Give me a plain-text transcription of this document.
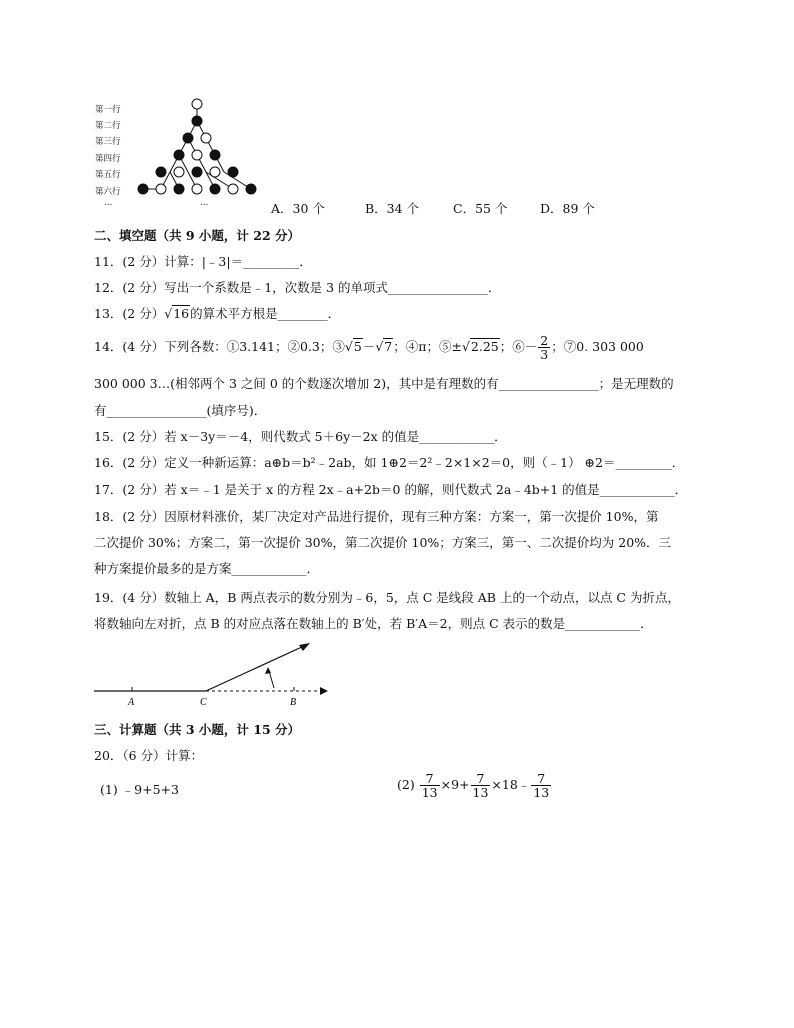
第一行
第二行
第三行
第四行
第五行
第六行
…	…	A．30 个	B．34 个	C．55 个	D．89 个
二、填空题（共 9 小题，计 22 分）
11．(2 分）计算：|﹣3|＝_________．
12．(2 分）写出一个系数是﹣1，次数是 3 的单项式________________．
13．(2 分）√16的算术平方根是________．
14．(4 分）下列各数：①3.141；②0.3；③√5－√7；④π；⑤±√2.25；⑥－ $\frac{2}{3}$ ；⑦0. 303 000
300 000 3…(相邻两个 3 之间 0 的个数逐次增加 2)，其中是有理数的有________________；是无理数的
有________________(填序号)．
15．(2 分）若 x－3y＝－4，则代数式 5＋6y－2x 的值是____________．
16．(2 分）定义一种新运算：a⊕b＝b²﹣2ab，如 1⊕2＝2²﹣2×1×2＝0，则（﹣1） ⊕2＝_________．
17．(2 分）若 x＝﹣1 是关于 x 的方程 2x﹣a+2b＝0 的解，则代数式 2a﹣4b+1 的值是____________．
18．(2 分）因原材料涨价，某厂决定对产品进行提价，现有三种方案：方案一，第一次提价 10%，第
二次提价 30%；方案二，第一次提价 30%，第二次提价 10%；方案三，第一、二次提价均为 20%．三
种方案提价最多的是方案____________．
19．(4 分）数轴上 A，B 两点表示的数分别为﹣6，5，点 C 是线段 AB 上的一个动点，以点 C 为折点，
将数轴向左对折，点 B 的对应点落在数轴上的 B′处，若 B′A＝2，则点 C 表示的数是____________．
A	C	B
三、计算题（共 3 小题，计 15 分）
20．（6 分）计算：
(1) ﹣9+5+3	$(2) \frac{7}{13} \times 9+ \frac{7}{13}$ ×18﹣ $\frac{7}{13}$
